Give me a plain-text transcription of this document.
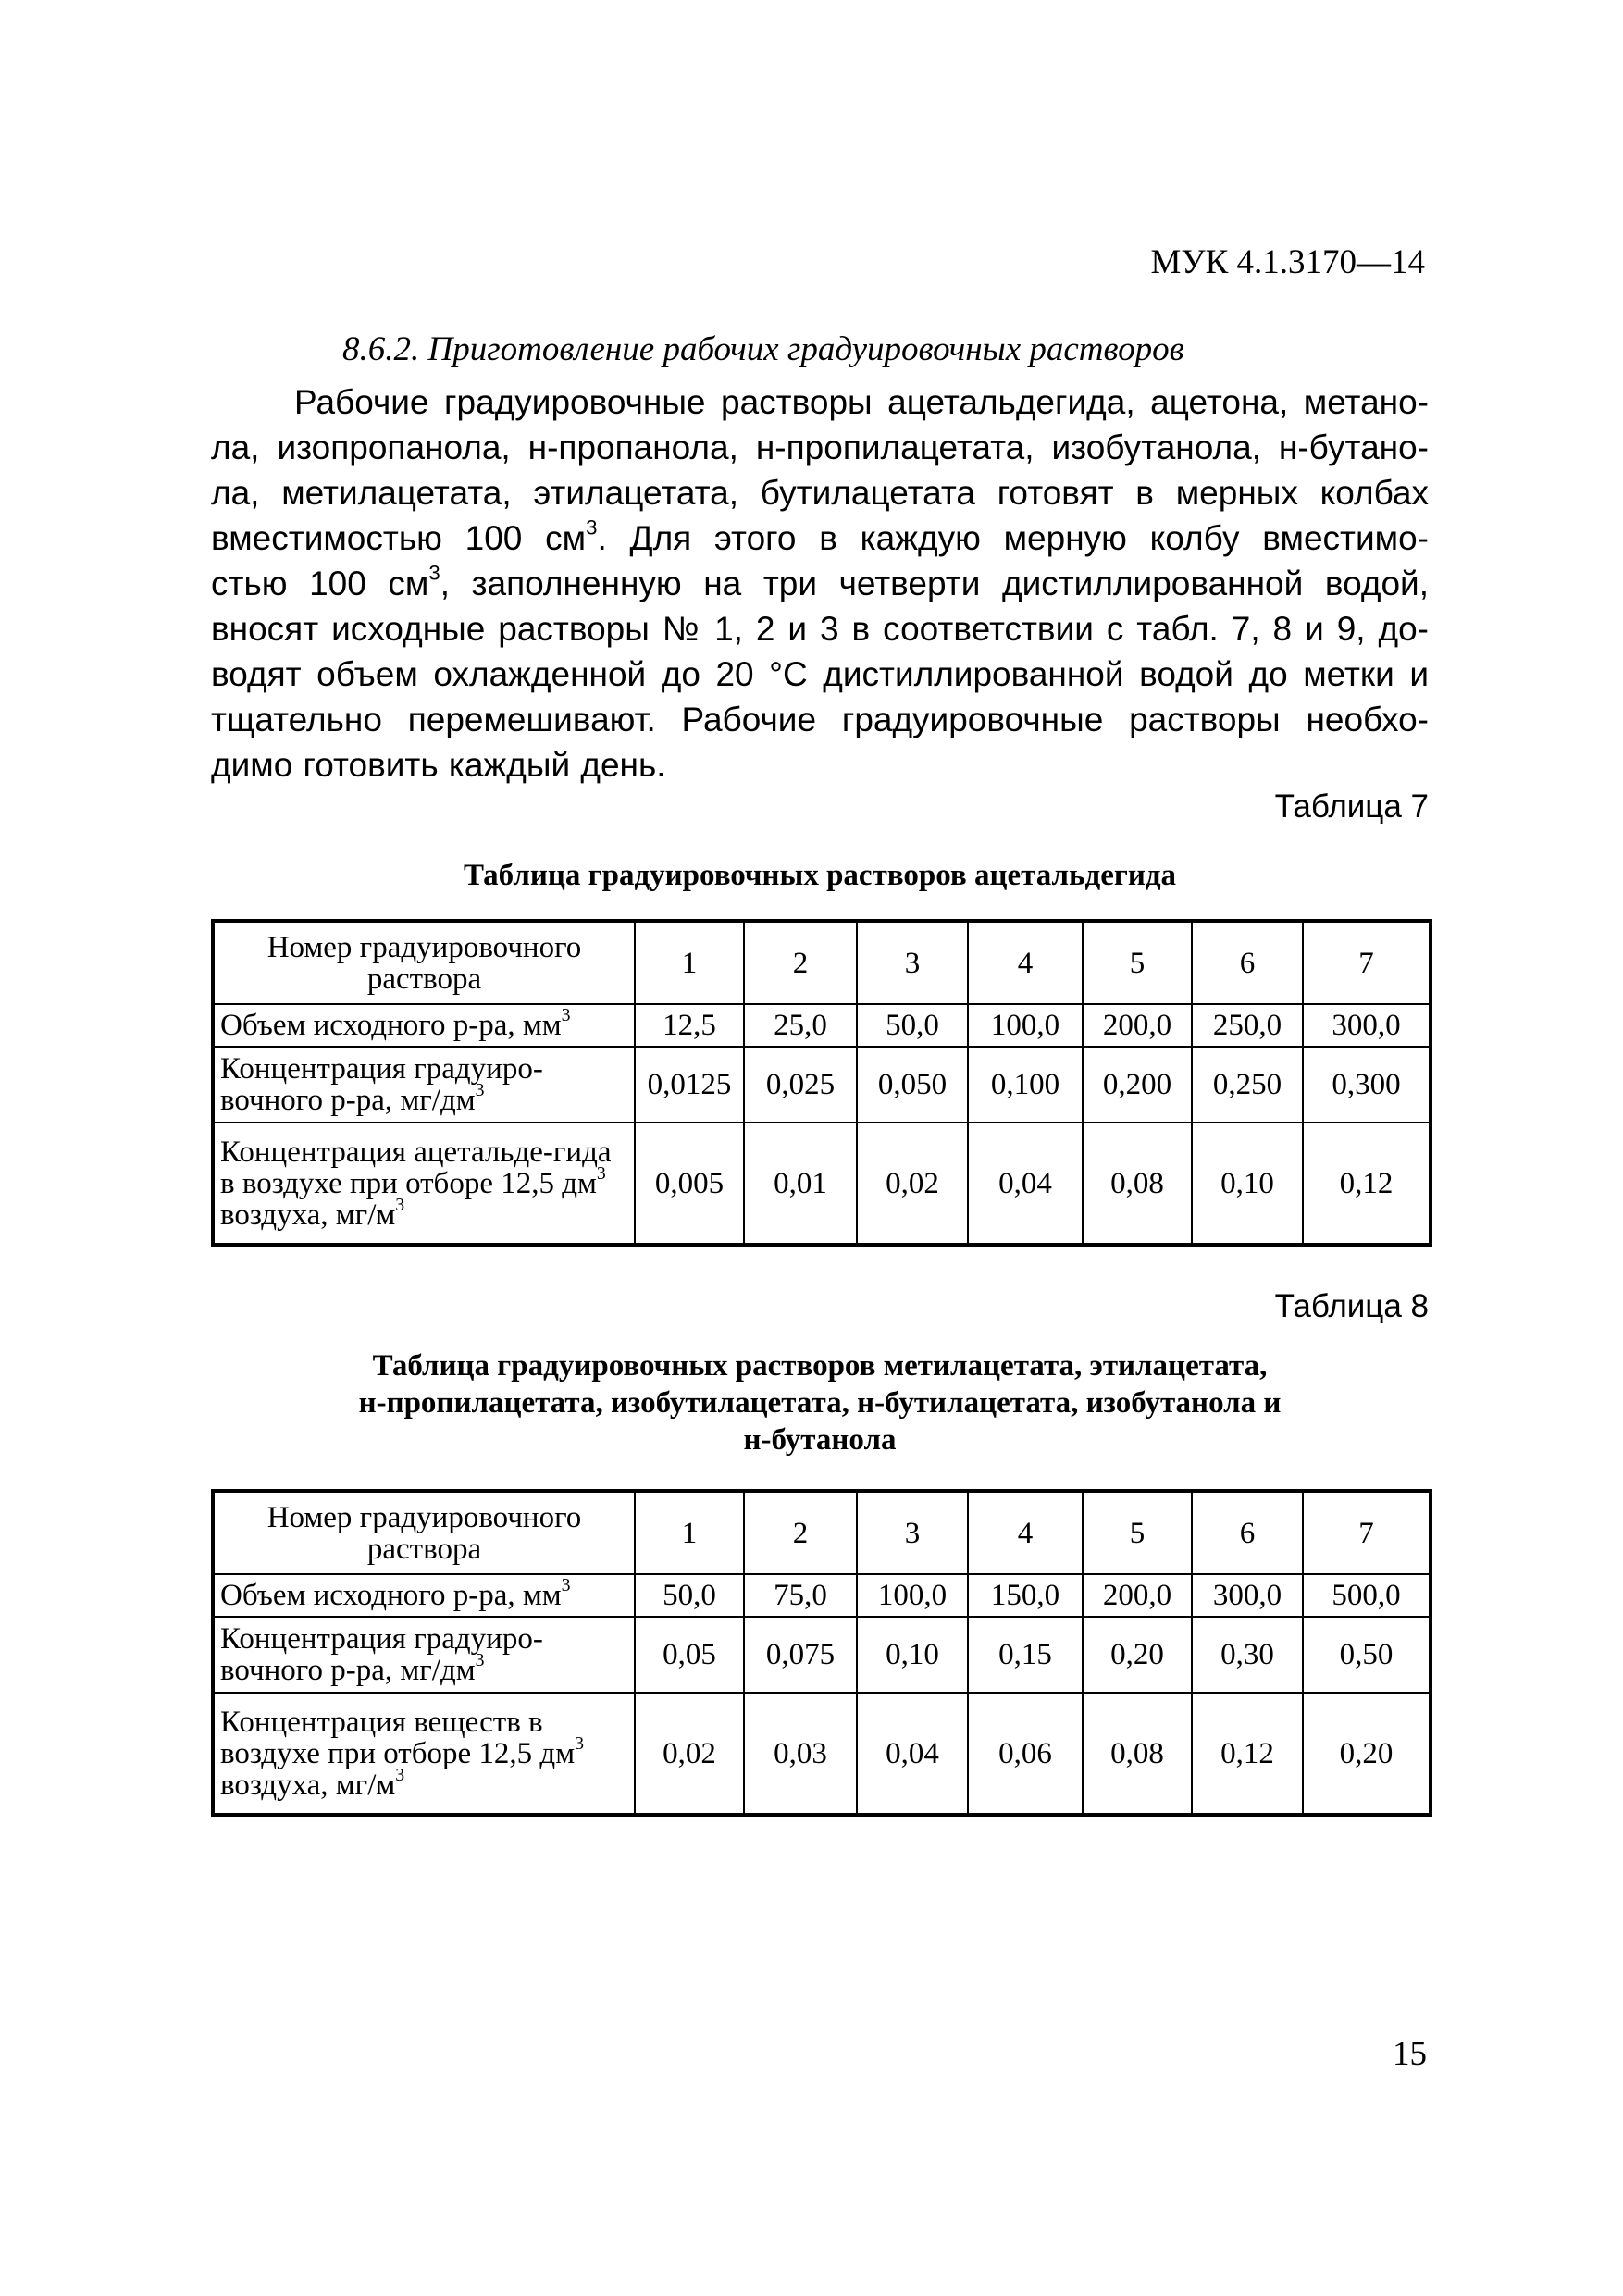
МУК 4.1.3170—14
8.6.2. Приготовление рабочих градуировочных растворов
Рабочие градуировочные растворы ацетальдегида, ацетона, метано-
ла, изопропанола, н-пропанола, н-пропилацетата, изобутанола, н-бутано-
ла, метилацетата, этилацетата, бутилацетата готовят в мерных колбах
вместимостью 100 $см^3$. Для этого в каждую мерную колбу вместимо-
стью 100 $см^3$, заполненную на три четверти дистиллированной водой,
вносят исходные растворы № 1, 2 и 3 в соответствии с табл. 7, 8 и 9, до-
водят объем охлажденной до 20 °С дистиллированной водой до метки и
тщательно перемешивают. Рабочие градуировочные растворы необхо-
димо готовить каждый день.
Таблица 7
Таблица градуировочных растворов ацетальдегида
Номер градуировочного раствора	1	2	3	4	5	6	7
Объем исходного р-ра, $мм^3$	12,5	25,0	50,0	100,0	200,0	250,0	300,0
Концентрация градуиро-вочного р-ра, $мг/дм^3$	0,0125	0,025	0,050	0,100	0,200	0,250	0,300
Концентрация ацетальде-гида в воздухе при отборе 12,5 $дм^3$ воздуха, $мг/м^3$	0,005	0,01	0,02	0,04	0,08	0,10	0,12
Таблица 8
Таблица градуировочных растворов метилацетата, этилацетата,
н-пропилацетата, изобутилацетата, н-бутилацетата, изобутанола и
н-бутанола
Номер градуировочного раствора	1	2	3	4	5	6	7
Объем исходного р-ра, $мм^3$	50,0	75,0	100,0	150,0	200,0	300,0	500,0
Концентрация градуиро-вочного р-ра, $мг/дм^3$	0,05	0,075	0,10	0,15	0,20	0,30	0,50
Концентрация веществ в воздухе при отборе 12,5 $дм^3$ воздуха, $мг/м^3$	0,02	0,03	0,04	0,06	0,08	0,12	0,20
15
